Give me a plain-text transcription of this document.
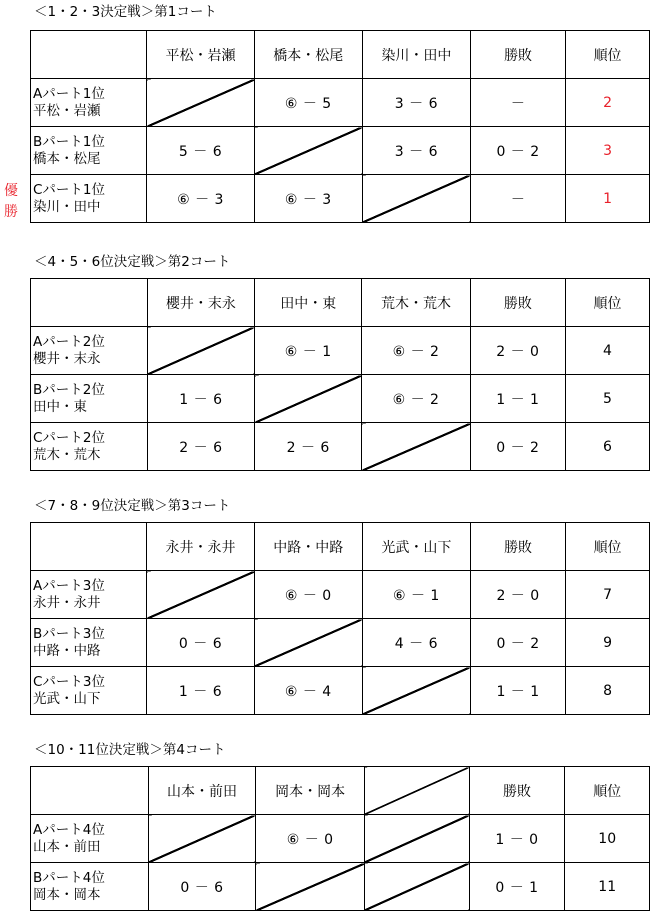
優
勝
＜1・2・3決定戦＞第1コート
	平松・岩瀬	橋本・松尾	染川・田中	勝敗	順位

Aパート1位
平松・岩瀬		⑥ － 5	3 － 6	－	2

Bパート1位
橋本・松尾	5 － 6		3 － 6	0 － 2	3

Cパート1位
染川・田中	⑥ － 3	⑥ － 3		－	1
＜4・5・6位決定戦＞第2コート
	櫻井・末永	田中・東	荒木・荒木	勝敗	順位

Aパート2位
櫻井・末永		⑥ － 1	⑥ － 2	2 － 0	4

Bパート2位
田中・東	1 － 6		⑥ － 2	1 － 1	5

Cパート2位
荒木・荒木	2 － 6	2 － 6		0 － 2	6
＜7・8・9位決定戦＞第3コート
	永井・永井	中路・中路	光武・山下	勝敗	順位

Aパート3位
永井・永井		⑥ － 0	⑥ － 1	2 － 0	7

Bパート3位
中路・中路	0 － 6		4 － 6	0 － 2	9

Cパート3位
光武・山下	1 － 6	⑥ － 4		1 － 1	8
＜10・11位決定戦＞第4コート
	山本・前田	岡本・岡本		勝敗	順位

Aパート4位
山本・前田		⑥ － 0		1 － 0	10

Bパート4位
岡本・岡本	0 － 6			0 － 1	11
